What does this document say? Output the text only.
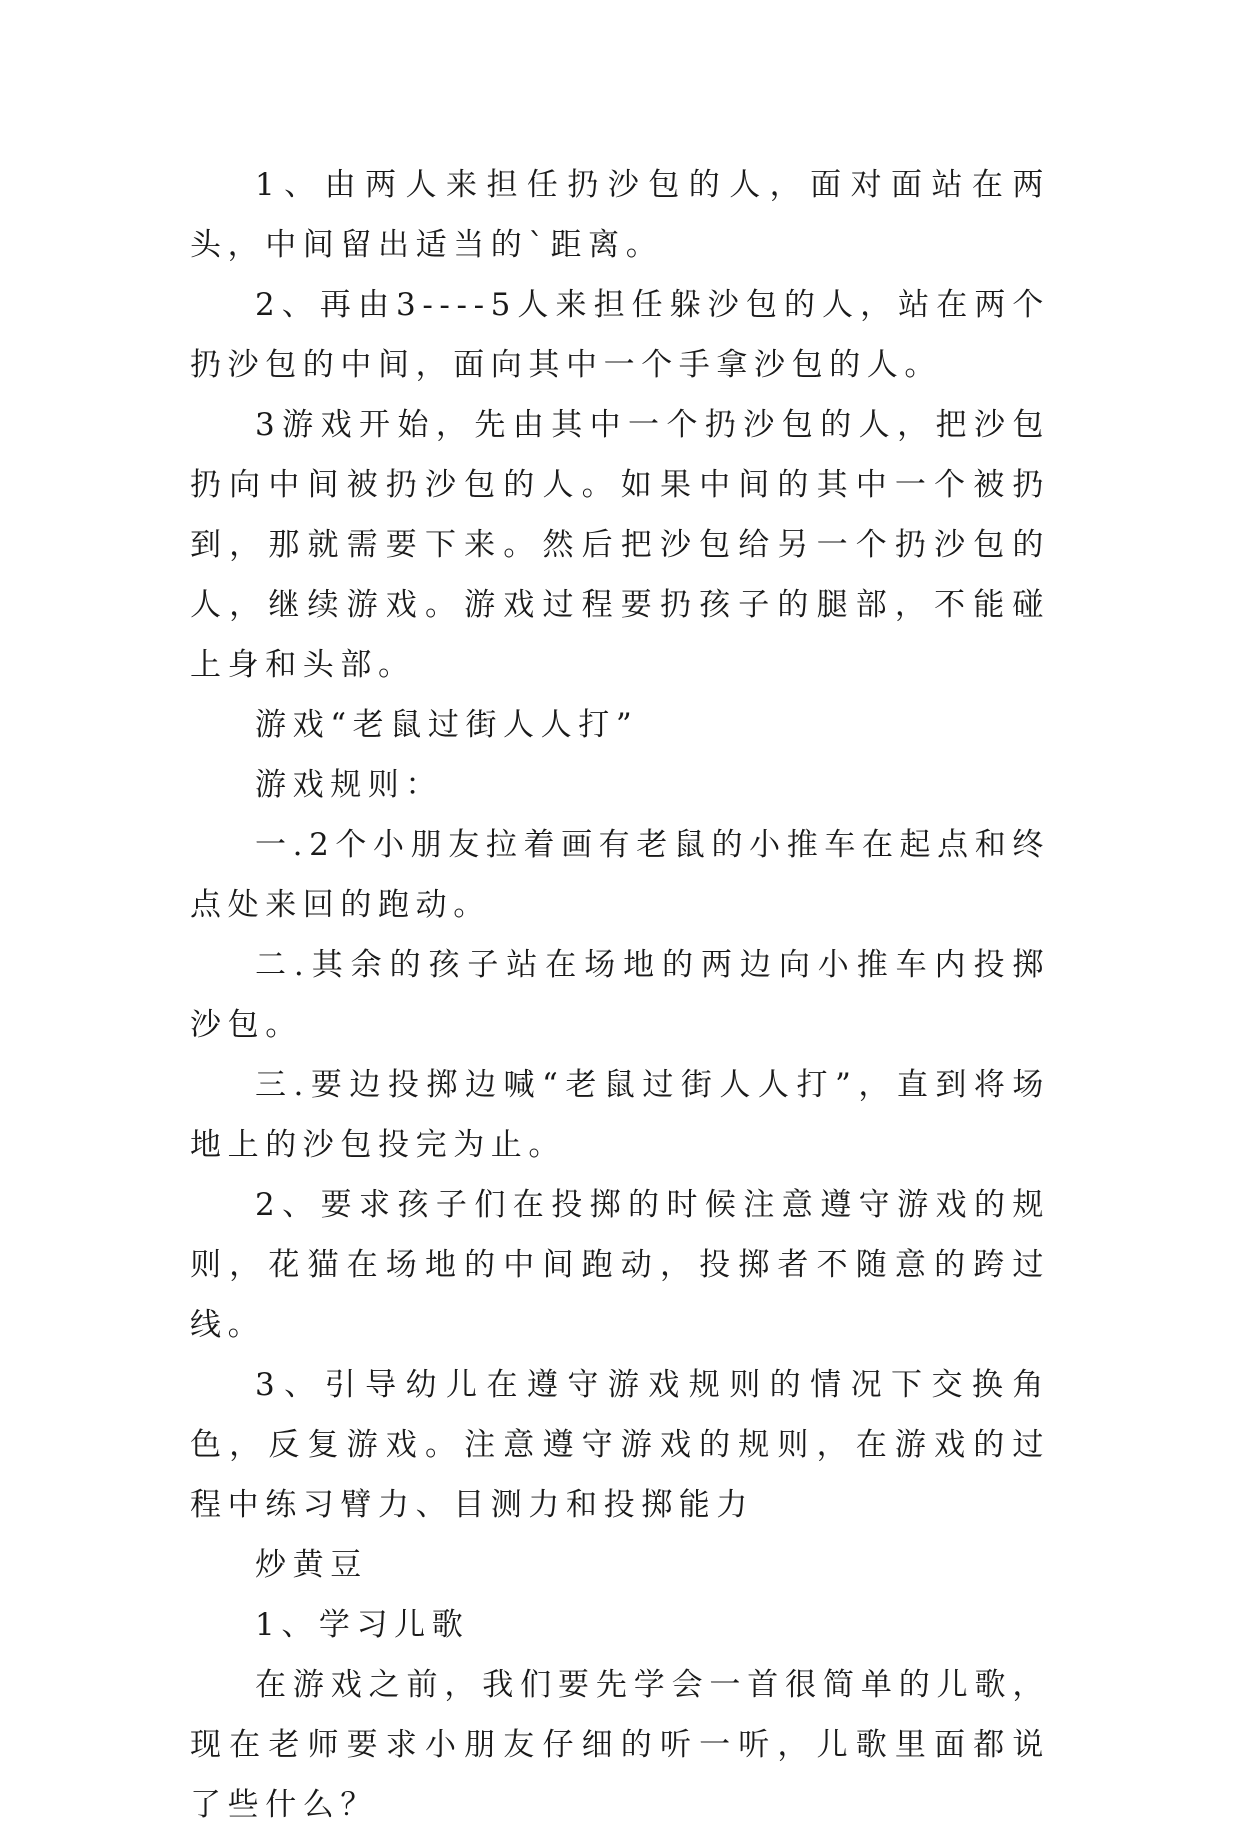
1、由两人来担任扔沙包的人，面对面站在两头，中间留出适当的`距离。

2、再由3----5人来担任躲沙包的人，站在两个扔沙包的中间，面向其中一个手拿沙包的人。

3游戏开始，先由其中一个扔沙包的人，把沙包扔向中间被扔沙包的人。如果中间的其中一个被扔到，那就需要下来。然后把沙包给另一个扔沙包的人，继续游戏。游戏过程要扔孩子的腿部，不能碰上身和头部。

游戏“老鼠过街人人打”

游戏规则：

一.2个小朋友拉着画有老鼠的小推车在起点和终点处来回的跑动。

二.其余的孩子站在场地的两边向小推车内投掷沙包。

三.要边投掷边喊“老鼠过街人人打”，直到将场地上的沙包投完为止。

2、要求孩子们在投掷的时候注意遵守游戏的规则，花猫在场地的中间跑动，投掷者不随意的跨过线。

3、引导幼儿在遵守游戏规则的情况下交换角色，反复游戏。注意遵守游戏的规则，在游戏的过程中练习臂力、目测力和投掷能力

炒黄豆

1、学习儿歌

在游戏之前，我们要先学会一首很简单的儿歌，现在老师要求小朋友仔细的听一听，儿歌里面都说了些什么？
